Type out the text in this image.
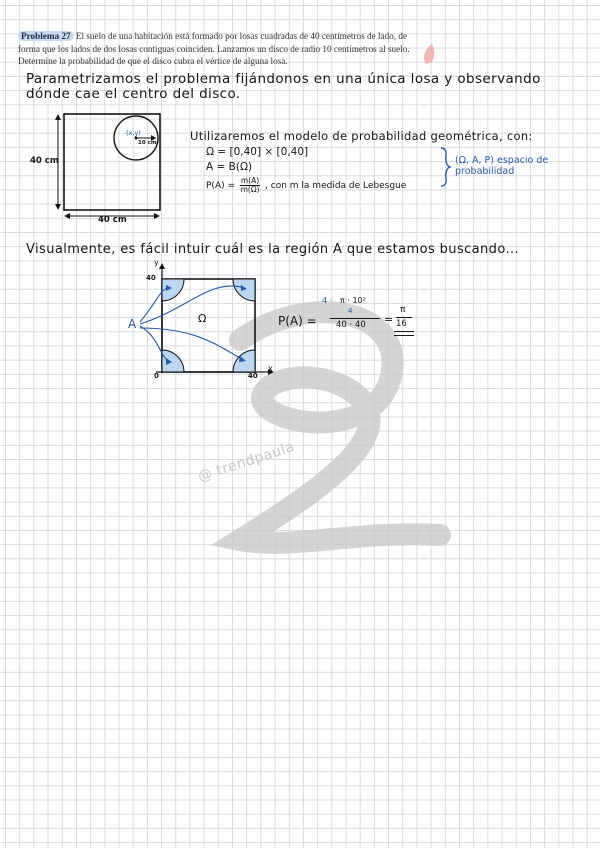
Problema 27 El suelo de una habitación está formado por losas cuadradas de 40 centímetros de lado, de forma que los lados de dos losas contiguas coinciden. Lanzamos un disco de radio 10 centímetros al suelo. Determine la probabilidad de que el disco cubra el vértice de alguna losa.
Parametrizamos el problema fijándonos en una única losa y observando dónde cae el centro del disco.
40 cm
40 cm
(x,y)
10 cm	Utilizaremos el modelo de probabilidad geométrica, con:
Ω = [0,40] × [0,40]
A = B(Ω)
$P(A) = \frac{m(A)}{m(\Omega)}$ , con m la medida de Lebesgue
(Ω, A, P) espacio de probabilidad
Visualmente, es fácil intuir cuál es la región A que estamos buscando...
@ trendpaula
y
x
0
40
40
A	Ω	P(A) =
4 · π · 10²
4
40 · 40 =
π
16
